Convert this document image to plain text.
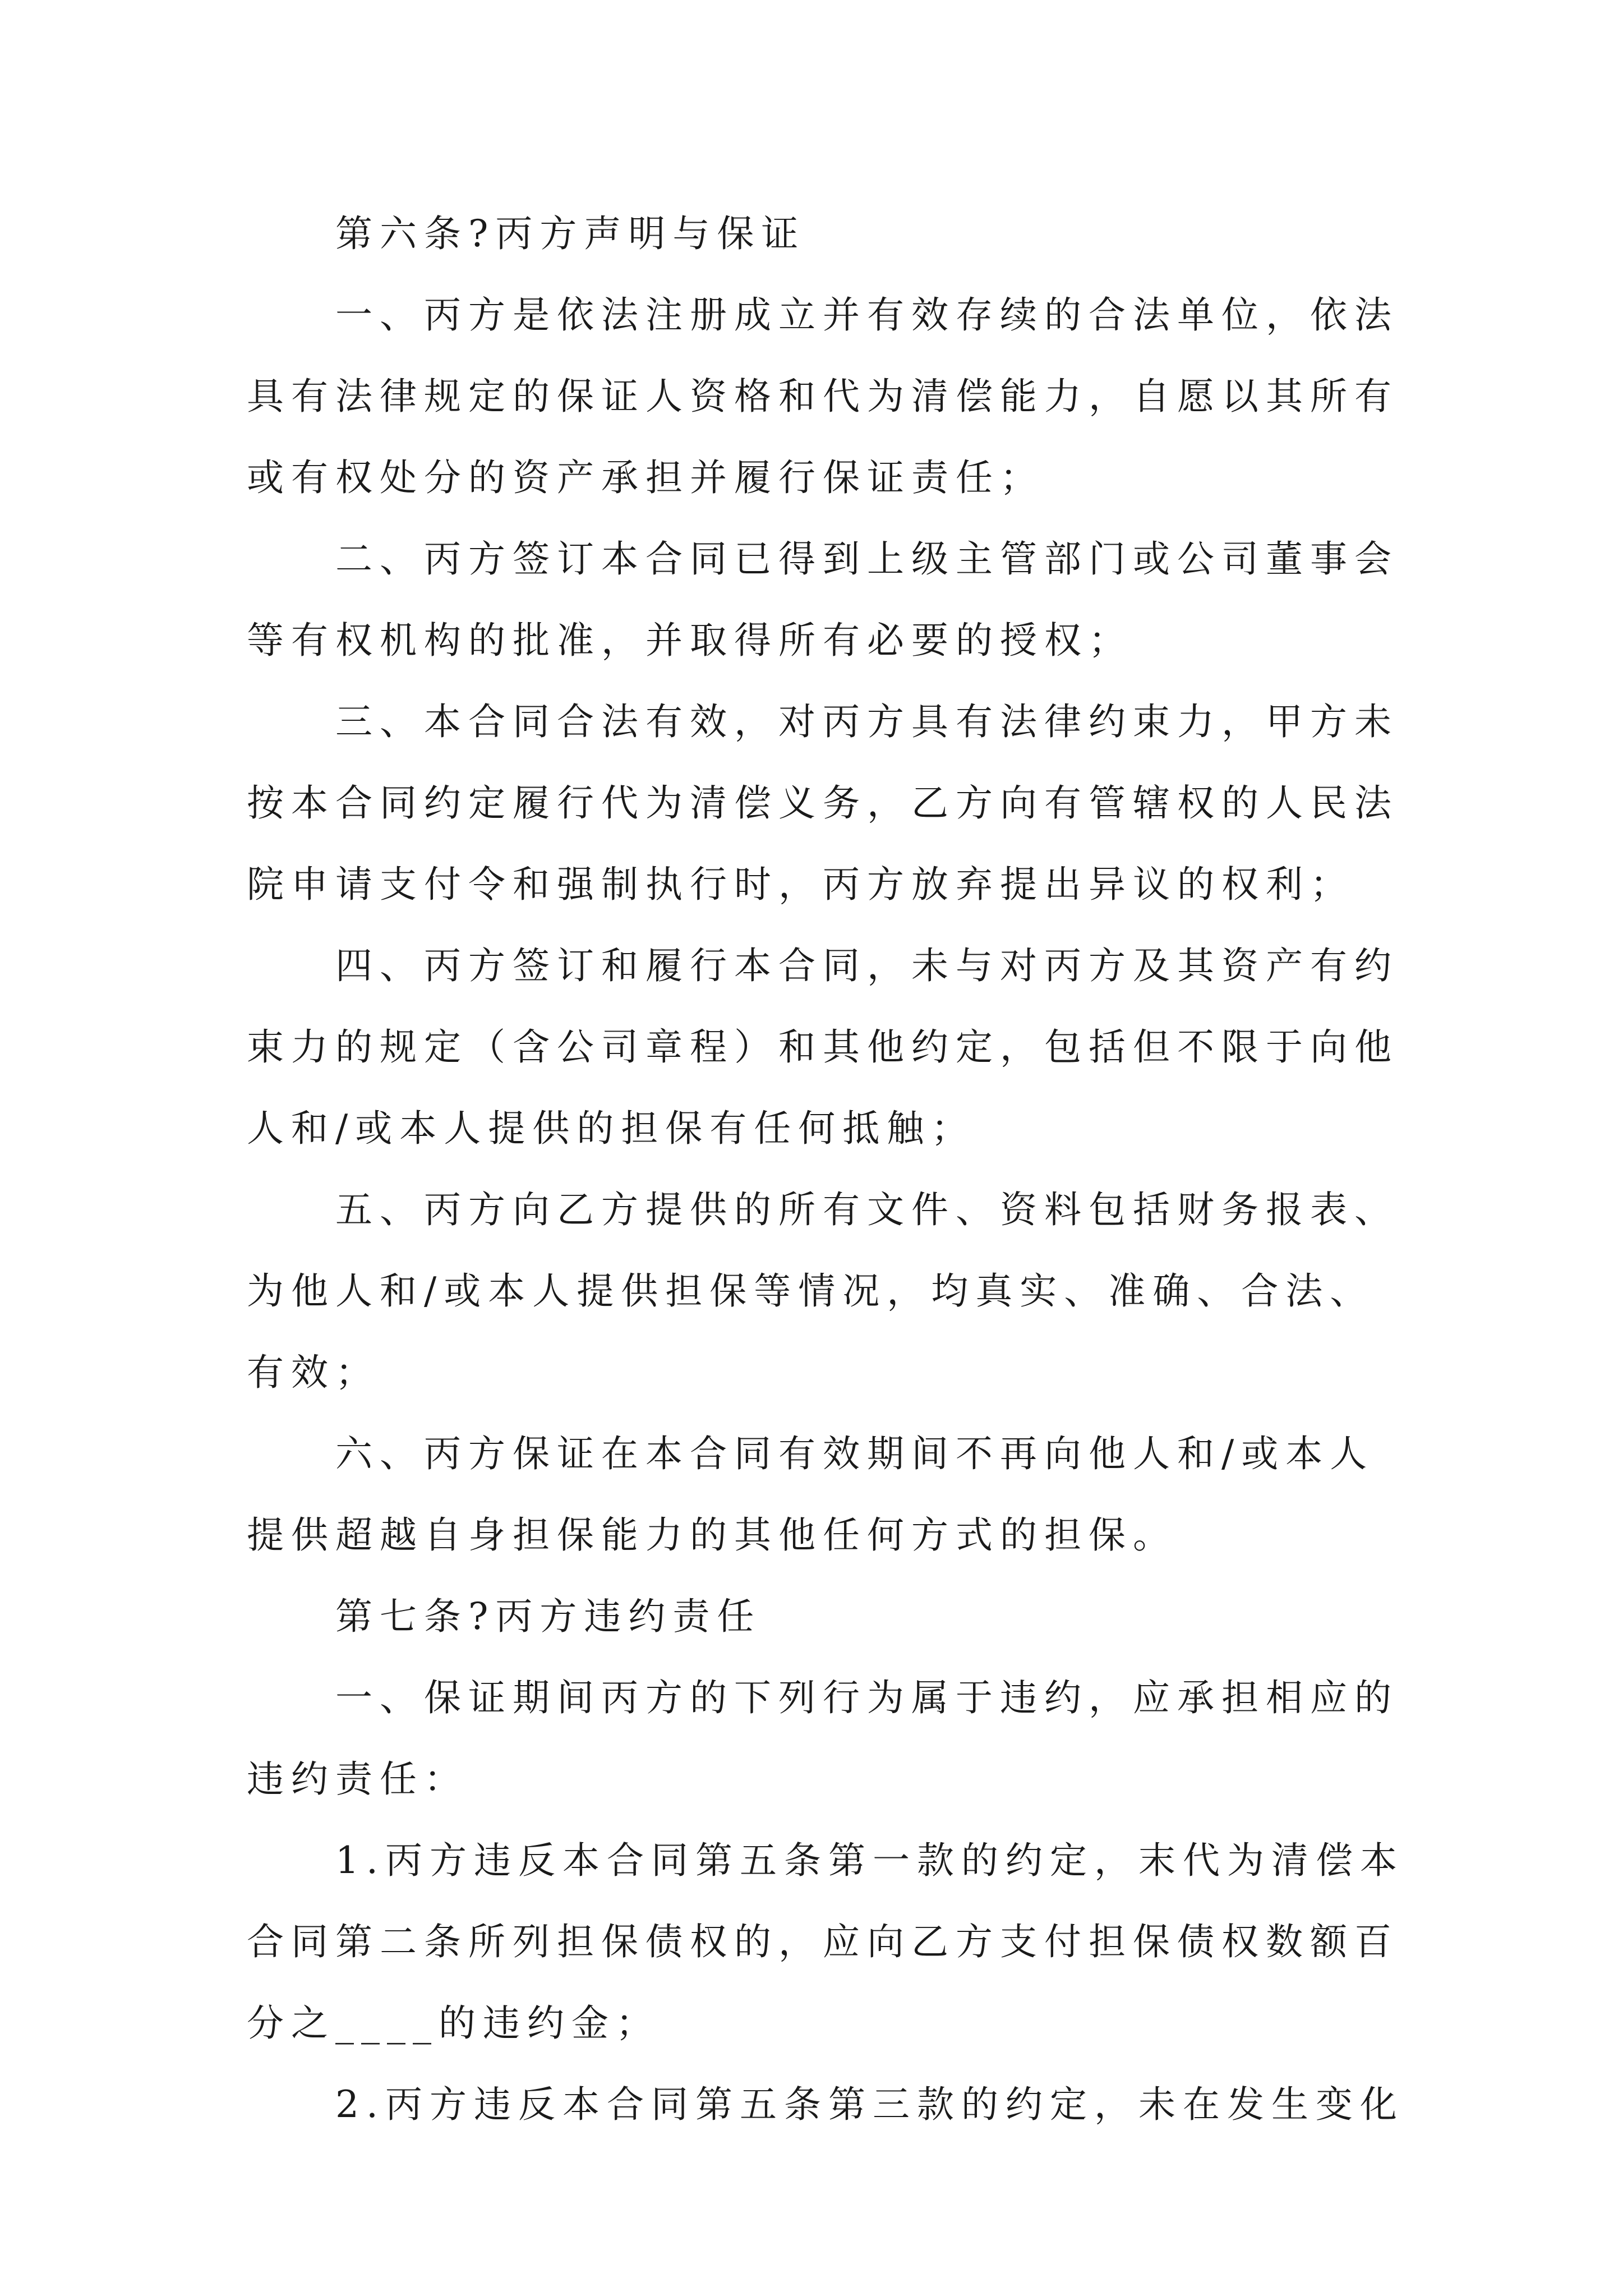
第六条?丙方声明与保证
一、丙方是依法注册成立并有效存续的合法单位，依法
具有法律规定的保证人资格和代为清偿能力，自愿以其所有
或有权处分的资产承担并履行保证责任；
二、丙方签订本合同已得到上级主管部门或公司董事会
等有权机构的批准，并取得所有必要的授权；
三、本合同合法有效，对丙方具有法律约束力，甲方未
按本合同约定履行代为清偿义务，乙方向有管辖权的人民法
院申请支付令和强制执行时，丙方放弃提出异议的权利；
四、丙方签订和履行本合同，未与对丙方及其资产有约
束力的规定（含公司章程）和其他约定，包括但不限于向他
人和/或本人提供的担保有任何抵触；
五、丙方向乙方提供的所有文件、资料包括财务报表、
为他人和/或本人提供担保等情况，均真实、准确、合法、
有效；
六、丙方保证在本合同有效期间不再向他人和/或本人
提供超越自身担保能力的其他任何方式的担保。
第七条?丙方违约责任
一、保证期间丙方的下列行为属于违约，应承担相应的
违约责任：
1.丙方违反本合同第五条第一款的约定，末代为清偿本
合同第二条所列担保债权的，应向乙方支付担保债权数额百
分之____的违约金；
2.丙方违反本合同第五条第三款的约定，未在发生变化
